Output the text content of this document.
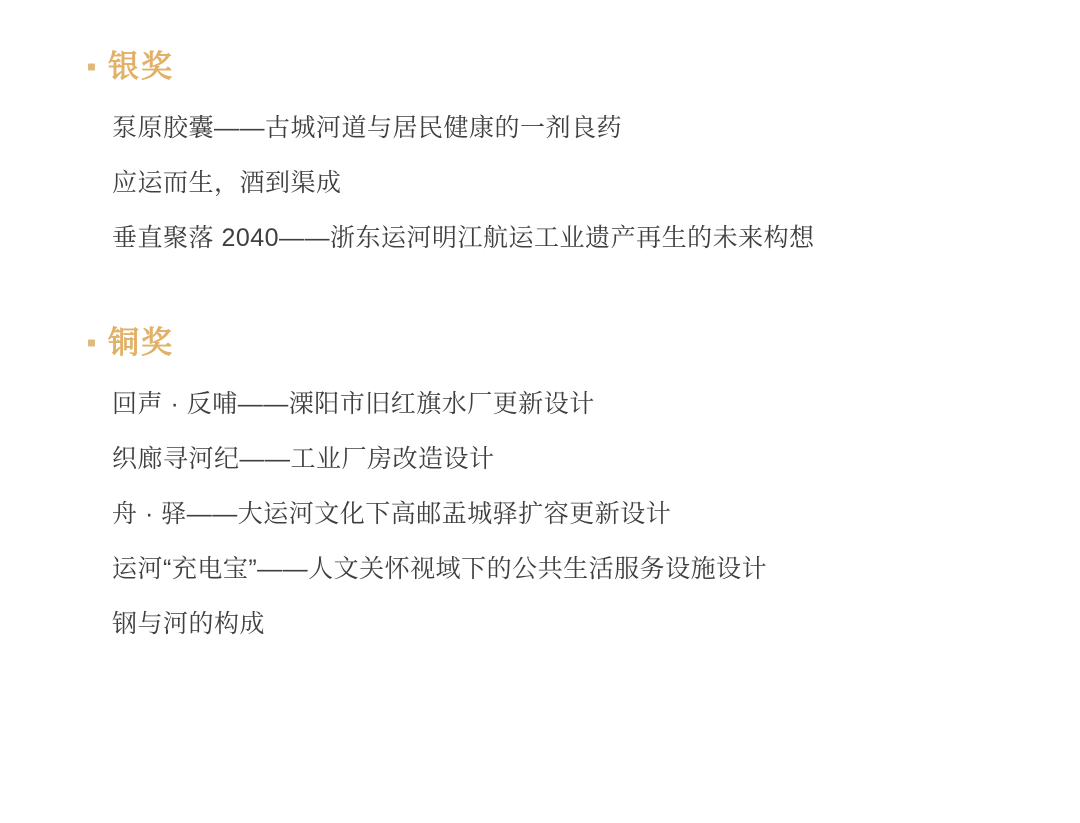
银奖
泵原胶囊——古城河道与居民健康的一剂良药
应运而生，酒到渠成
垂直聚落 2040——浙东运河明江航运工业遗产再生的未来构想
铜奖
回声 · 反哺——溧阳市旧红旗水厂更新设计
织廊寻河纪——工业厂房改造设计
舟 · 驿——大运河文化下高邮盂城驿扩容更新设计
运河“充电宝”——人文关怀视域下的公共生活服务设施设计
钢与河的构成
